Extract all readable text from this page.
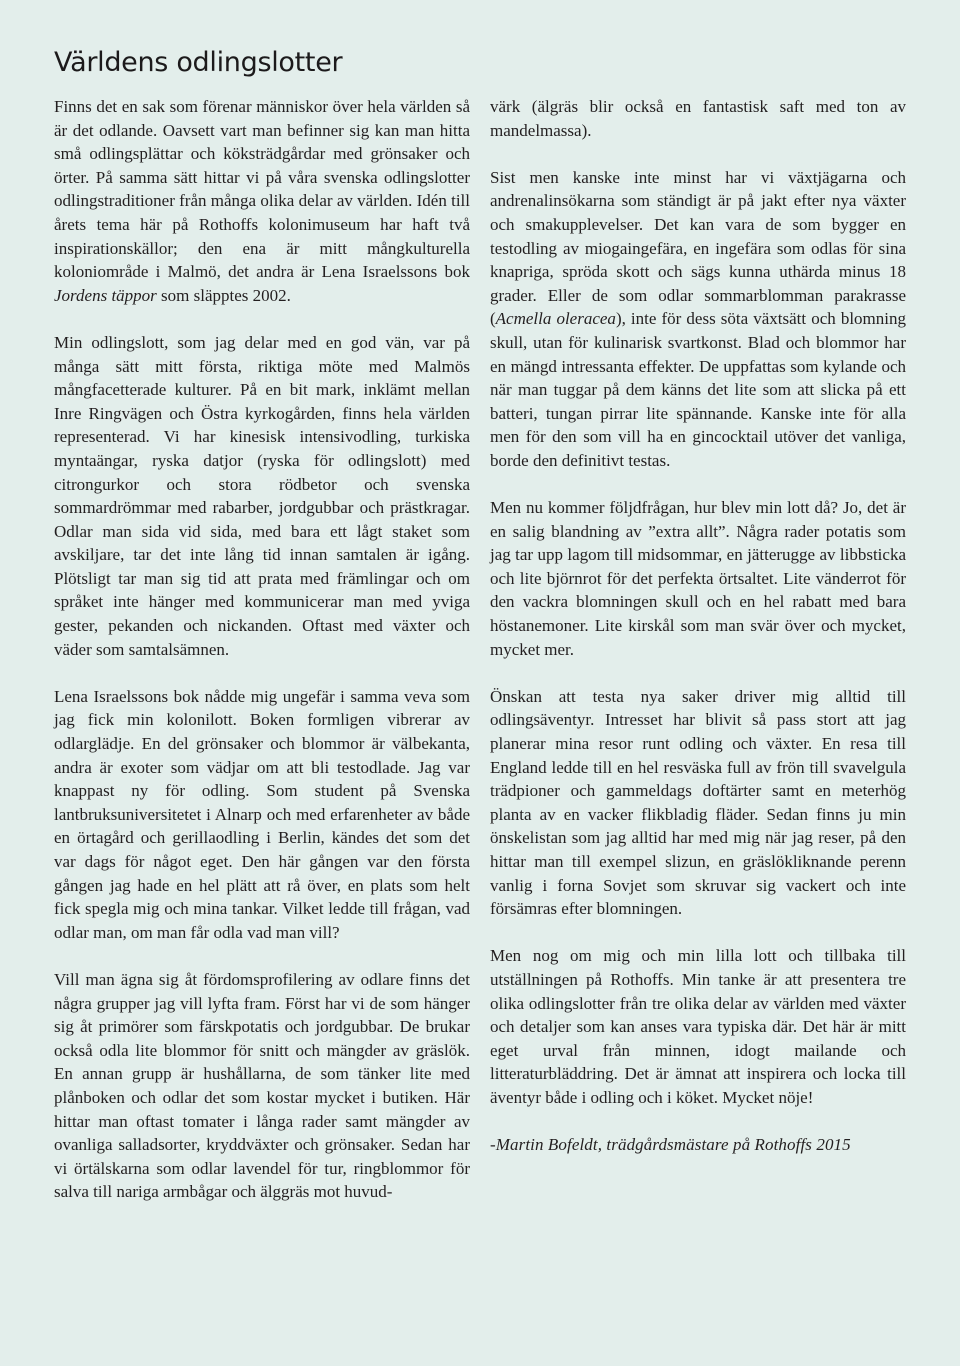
Världens odlingslotter

Finns det en sak som förenar människor över hela världen så är det odlande. Oavsett vart man befinner sig kan man hitta små odlingsplättar och köksträdgårdar med grönsaker och örter. På samma sätt hittar vi på våra svenska odlingslotter odlingstraditioner från många olika delar av världen. Idén till årets tema här på Rothoffs kolonimuseum har haft två inspirationskällor; den ena är mitt mångkulturella koloniområde i Malmö, det andra är Lena Israelssons bok Jordens täppor som släpptes 2002.

Min odlingslott, som jag delar med en god vän, var på många sätt mitt första, riktiga möte med Malmös mångfacetterade kulturer. På en bit mark, inklämt mellan Inre Ringvägen och Östra kyrkogården, finns hela världen representerad. Vi har kinesisk intensivodling, turkiska myntaängar, ryska datjor (ryska för odlingslott) med citrongurkor och stora rödbetor och svenska sommardrömmar med rabarber, jordgubbar och prästkragar. Odlar man sida vid sida, med bara ett lågt staket som avskiljare, tar det inte lång tid innan samtalen är igång. Plötsligt tar man sig tid att prata med främlingar och om språket inte hänger med kommunicerar man med yviga gester, pekanden och nickanden. Oftast med växter och väder som samtalsämnen.

Lena Israelssons bok nådde mig ungefär i samma veva som jag fick min kolonilott. Boken formligen vibrerar av odlarglädje. En del grönsaker och blommor är välbekanta, andra är exoter som vädjar om att bli testodlade. Jag var knappast ny för odling. Som student på Svenska lantbruksuniversitetet i Alnarp och med erfarenheter av både en örtagård och gerillaodling i Berlin, kändes det som det var dags för något eget. Den här gången var den första gången jag hade en hel plätt att rå över, en plats som helt fick spegla mig och mina tankar. Vilket ledde till frågan, vad odlar man, om man får odla vad man vill?

Vill man ägna sig åt fördomsprofilering av odlare finns det några grupper jag vill lyfta fram. Först har vi de som hänger sig åt primörer som färskpotatis och jordgubbar. De brukar också odla lite blommor för snitt och mängder av gräslök. En annan grupp är hushållarna, de som tänker lite med plånboken och odlar det som kostar mycket i butiken. Här hittar man oftast tomater i långa rader samt mängder av ovanliga salladsorter, kryddväxter och grönsaker. Sedan har vi örtälskarna som odlar lavendel för tur, ringblommor för salva till nariga armbågar och älggräs mot huvud-

värk (älgräs blir också en fantastisk saft med ton av mandelmassa).

Sist men kanske inte minst har vi växtjägarna och andrenalinsökarna som ständigt är på jakt efter nya växter och smakupplevelser. Det kan vara de som bygger en testodling av miogaingefära, en ingefära som odlas för sina knapriga, spröda skott och sägs kunna uthärda minus 18 grader. Eller de som odlar sommarblomman parakrasse (Acmella oleracea), inte för dess söta växtsätt och blomning skull, utan för kulinarisk svartkonst. Blad och blommor har en mängd intressanta effekter. De uppfattas som kylande och när man tuggar på dem känns det lite som att slicka på ett batteri, tungan pirrar lite spännande. Kanske inte för alla men för den som vill ha en gincocktail utöver det vanliga, borde den definitivt testas.

Men nu kommer följdfrågan, hur blev min lott då? Jo, det är en salig blandning av ”extra allt”. Några rader potatis som jag tar upp lagom till midsommar, en jätterugge av libbsticka och lite björnrot för det perfekta örtsaltet. Lite vänderrot för den vackra blomningen skull och en hel rabatt med bara höstanemoner. Lite kirskål som man svär över och mycket, mycket mer.

Önskan att testa nya saker driver mig alltid till odlingsäventyr. Intresset har blivit så pass stort att jag planerar mina resor runt odling och växter. En resa till England ledde till en hel resväska full av frön till svavelgula trädpioner och gammeldags doftärter samt en meterhög planta av en vacker flikbladig fläder. Sedan finns ju min önskelistan som jag alltid har med mig när jag reser, på den hittar man till exempel slizun, en gräslökliknande perenn vanlig i forna Sovjet som skruvar sig vackert och inte försämras efter blomningen.

Men nog om mig och min lilla lott och tillbaka till utställningen på Rothoffs. Min tanke är att presentera tre olika odlingslotter från tre olika delar av världen med växter och detaljer som kan anses vara typiska där. Det här är mitt eget urval från minnen, idogt mailande och litteraturbläddring. Det är ämnat att inspirera och locka till äventyr både i odling och i köket. Mycket nöje!

-Martin Bofeldt, trädgårdsmästare på Rothoffs 2015
